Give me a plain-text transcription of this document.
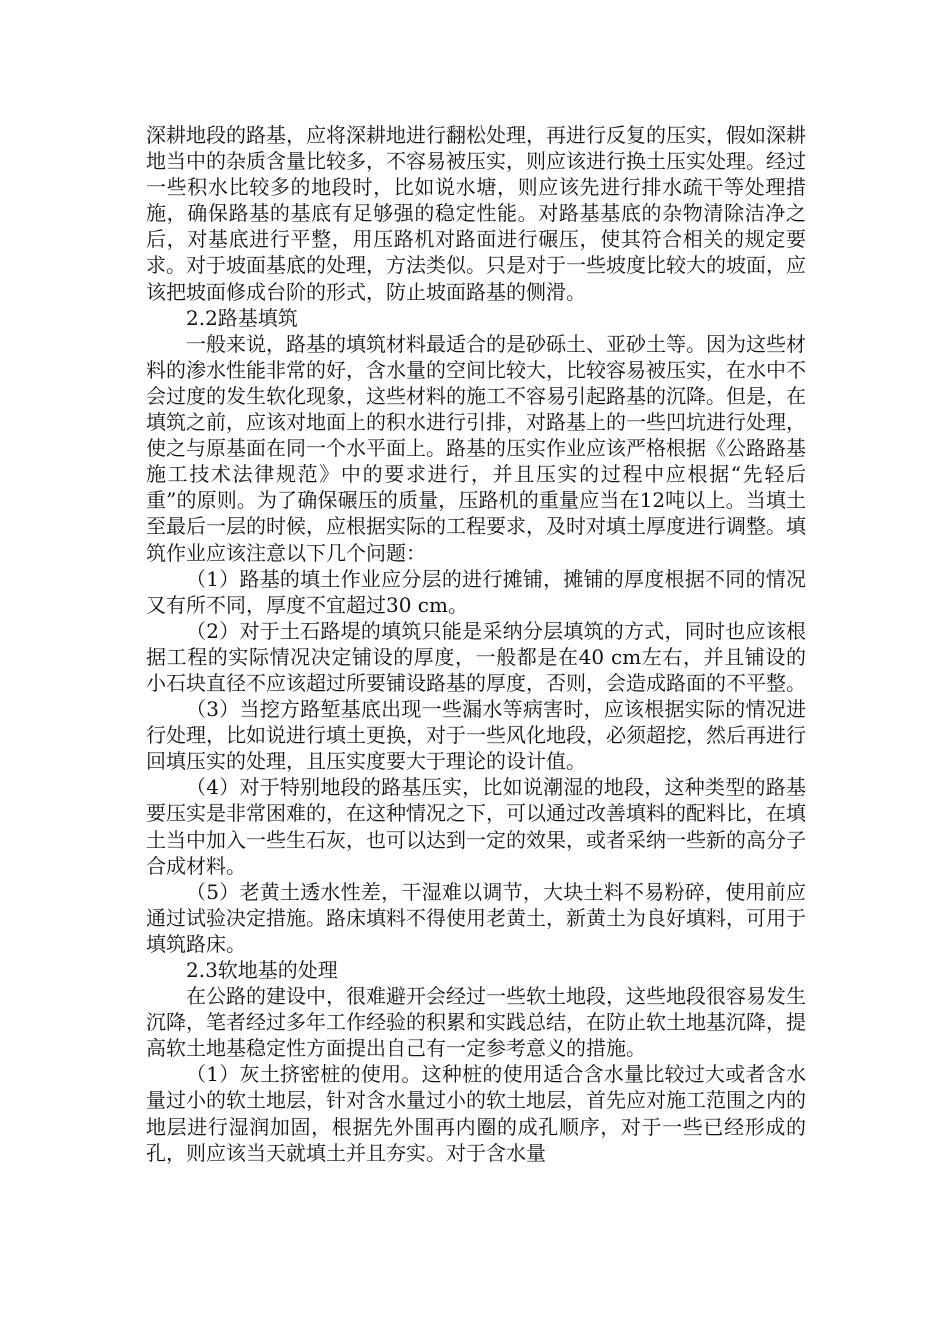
深耕地段的路基，应将深耕地进行翻松处理，再进行反复的压实，假如深耕地当中的杂质含量比较多，不容易被压实，则应该进行换土压实处理。经过一些积水比较多的地段时，比如说水塘，则应该先进行排水疏干等处理措施，确保路基的基底有足够强的稳定性能。对路基基底的杂物清除洁净之后，对基底进行平整，用压路机对路面进行碾压，使其符合相关的规定要求。对于坡面基底的处理，方法类似。只是对于一些坡度比较大的坡面，应该把坡面修成台阶的形式，防止坡面路基的侧滑。

2.2路基填筑

一般来说，路基的填筑材料最适合的是砂砾土、亚砂土等。因为这些材料的渗水性能非常的好，含水量的空间比较大，比较容易被压实，在水中不会过度的发生软化现象，这些材料的施工不容易引起路基的沉降。但是，在填筑之前，应该对地面上的积水进行引排，对路基上的一些凹坑进行处理，使之与原基面在同一个水平面上。路基的压实作业应该严格根据《公路路基施工技术法律规范》中的要求进行，并且压实的过程中应根据“先轻后重”的原则。为了确保碾压的质量，压路机的重量应当在12吨以上。当填土至最后一层的时候，应根据实际的工程要求，及时对填土厚度进行调整。填筑作业应该注意以下几个问题：

（1）路基的填土作业应分层的进行摊铺，摊铺的厚度根据不同的情况又有所不同，厚度不宜超过30 cm。

（2）对于土石路堤的填筑只能是采纳分层填筑的方式，同时也应该根据工程的实际情况决定铺设的厚度，一般都是在40 cm左右，并且铺设的小石块直径不应该超过所要铺设路基的厚度，否则，会造成路面的不平整。

（3）当挖方路堑基底出现一些漏水等病害时，应该根据实际的情况进行处理，比如说进行填土更换，对于一些风化地段，必须超挖，然后再进行回填压实的处理，且压实度要大于理论的设计值。

（4）对于特别地段的路基压实，比如说潮湿的地段，这种类型的路基要压实是非常困难的，在这种情况之下，可以通过改善填料的配料比，在填土当中加入一些生石灰，也可以达到一定的效果，或者采纳一些新的高分子合成材料。

（5）老黄土透水性差，干湿难以调节，大块土料不易粉碎，使用前应通过试验决定措施。路床填料不得使用老黄土，新黄土为良好填料，可用于填筑路床。

2.3软地基的处理

在公路的建设中，很难避开会经过一些软土地段，这些地段很容易发生沉降，笔者经过多年工作经验的积累和实践总结，在防止软土地基沉降，提高软土地基稳定性方面提出自己有一定参考意义的措施。

（1）灰土挤密桩的使用。这种桩的使用适合含水量比较过大或者含水量过小的软土地层，针对含水量过小的软土地层，首先应对施工范围之内的地层进行湿润加固，根据先外围再内圈的成孔顺序，对于一些已经形成的孔，则应该当天就填土并且夯实。对于含水量
